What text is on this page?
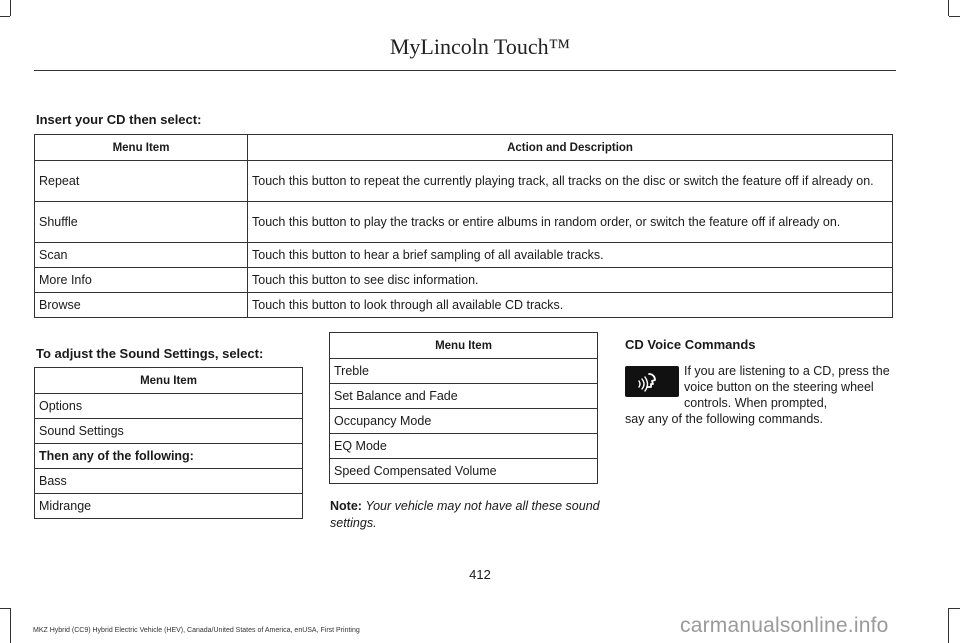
MyLincoln Touch™
Insert your CD then select:
Menu Item	Action and Description
Repeat	Touch this button to repeat the currently playing track, all tracks on the disc or switch the feature off if already on.
Shuffle	Touch this button to play the tracks or entire albums in random order, or switch the feature off if already on.
Scan	Touch this button to hear a brief sampling of all available tracks.
More Info	Touch this button to see disc information.
Browse	Touch this button to look through all available CD tracks.
To adjust the Sound Settings, select:
Menu Item
Options
Sound Settings
Then any of the following:
Bass
Midrange
Menu Item
Treble
Set Balance and Fade
Occupancy Mode
EQ Mode
Speed Compensated Volume
Note: Your vehicle may not have all these sound settings.
CD Voice Commands
If you are listening to a CD, press the voice button on the steering wheel controls. When prompted,
say any of the following commands.
412
MKZ Hybrid (CC9) Hybrid Electric Vehicle (HEV), Canada/United States of America, enUSA, First Printing	carmanualsonline.info
